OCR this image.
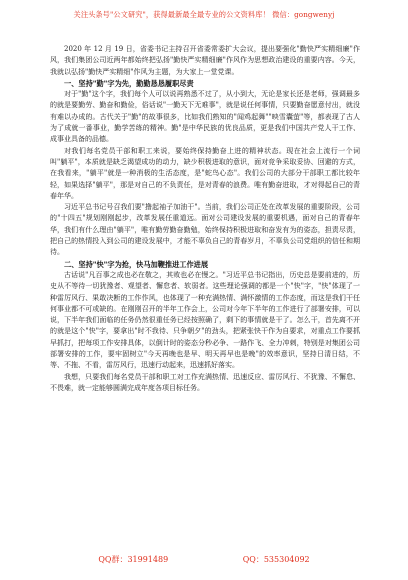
关注头条号"公文研究"，获得最新最全最专业的公文资料库！ 微信：gongwenyj

2020 年 12 月 19 日，省委书记主持召开省委常委扩大会议，提出要强化"勤快严实精细廉"作风，我们集团公司近两年都始终把弘扬"勤快严实精细廉"作风作为思想政治建设的重要内容。今天，我就以弘扬"勤快严实精细"作风为主题，为大家上一堂党课。

一、坚持"勤"字为先，勤勤恳恳履职尽责

对于"勤"这个字，我们每个人可以说再熟悉不过了，从小到大，无论是家长还是老师，强调最多的就是要勤劳、勤奋和勤俭，俗话说"一勤天下无难事"，就是说任何事情，只要勤奋愿意付出，就没有难以办成的。古代关于"勤"的故事很多，比如我们熟知的"闻鸡起舞""映雪囊萤"等，都表现了古人为了成就一番事业，勤学苦练的精神。勤"是中华民族的优良品质，更是我们中国共产党人干工作、成事业具备的品德。

对我们每名党员干部和职工来说，要始终保持勤奋上进的精神状态。现在社会上流行一个词叫"躺平"，本质就是缺乏渴望成功的动力，缺少积极进取的意识，面对竞争采取妥协、回避的方式，在我看来，"躺平"就是一种消极的生活态度，是"蛇鸟心态"。我们公司的大部分干部职工都比较年轻，如果选择"躺平"，那是对自己的不负责任，是对青春的浪费。唯有勤奋进取，才对得起自己的青春年华。

习近平总书记号召我们要"撸起袖子加油干"。当前，我们公司正处在改革发展的重要阶段，公司的"十四五"规划刚刚起步，改革发展任重道远。面对公司建设发展的重要机遇，面对自己的青春年华，我们有什么理由"躺平"，唯有勤劳勤奋勤勉，始终保持积极进取和奋发有为的姿态，担责尽责，把自己的热情投入到公司的建设发展中，才能不辜负自己的青春岁月，不辜负公司党组织的信任和期待。

二、坚持"快"字为抢，快马加鞭推进工作进展

古话说"凡百事之成也必在敬之，其败也必在慢之。"习近平总书记指出，历史总是要前进的，历史从不等待一切犹豫者、观望者、懈怠者、软弱者。这些理论强调的都是一个"快"字，"快"体现了一种雷厉风行、果敢决断的工作作风，也体现了一种充满热情、满怀激情的工作态度，而这是我们干任何事业都不可或缺的。在刚刚召开的半年工作会上，公司对今年下半年的工作进行了部署安排，可以说，下半年我们面临的任务仍然很重任务已经按照确了，剩下的事情就是干了。怎么干，首先离不开的就是这个"快"字，要拿出"时不我待、只争朝夕"的劲头，把紧张快干作为自要求，对重点工作要抓早抓打，把每项工作安排具体，以倒计时的姿态分秒必争、一路作飞、全力冲刺，特别是对集团公司部署安排的工作，要牢固树立"今天再晚也是早、明天再早也是晚"的效率意识，坚持日清日结，不等、不拖、不看，雷厉风行，迅速行动起来，迅速抓好落实。

我想，只要我们每名党员干部和职工对工作充满热情、迅速反应、雷厉风行、不犹豫、不懈怠、不畏难，就一定能够圆满完成年度各项目标任务。

QQ群：31991489	QQ：535304092
